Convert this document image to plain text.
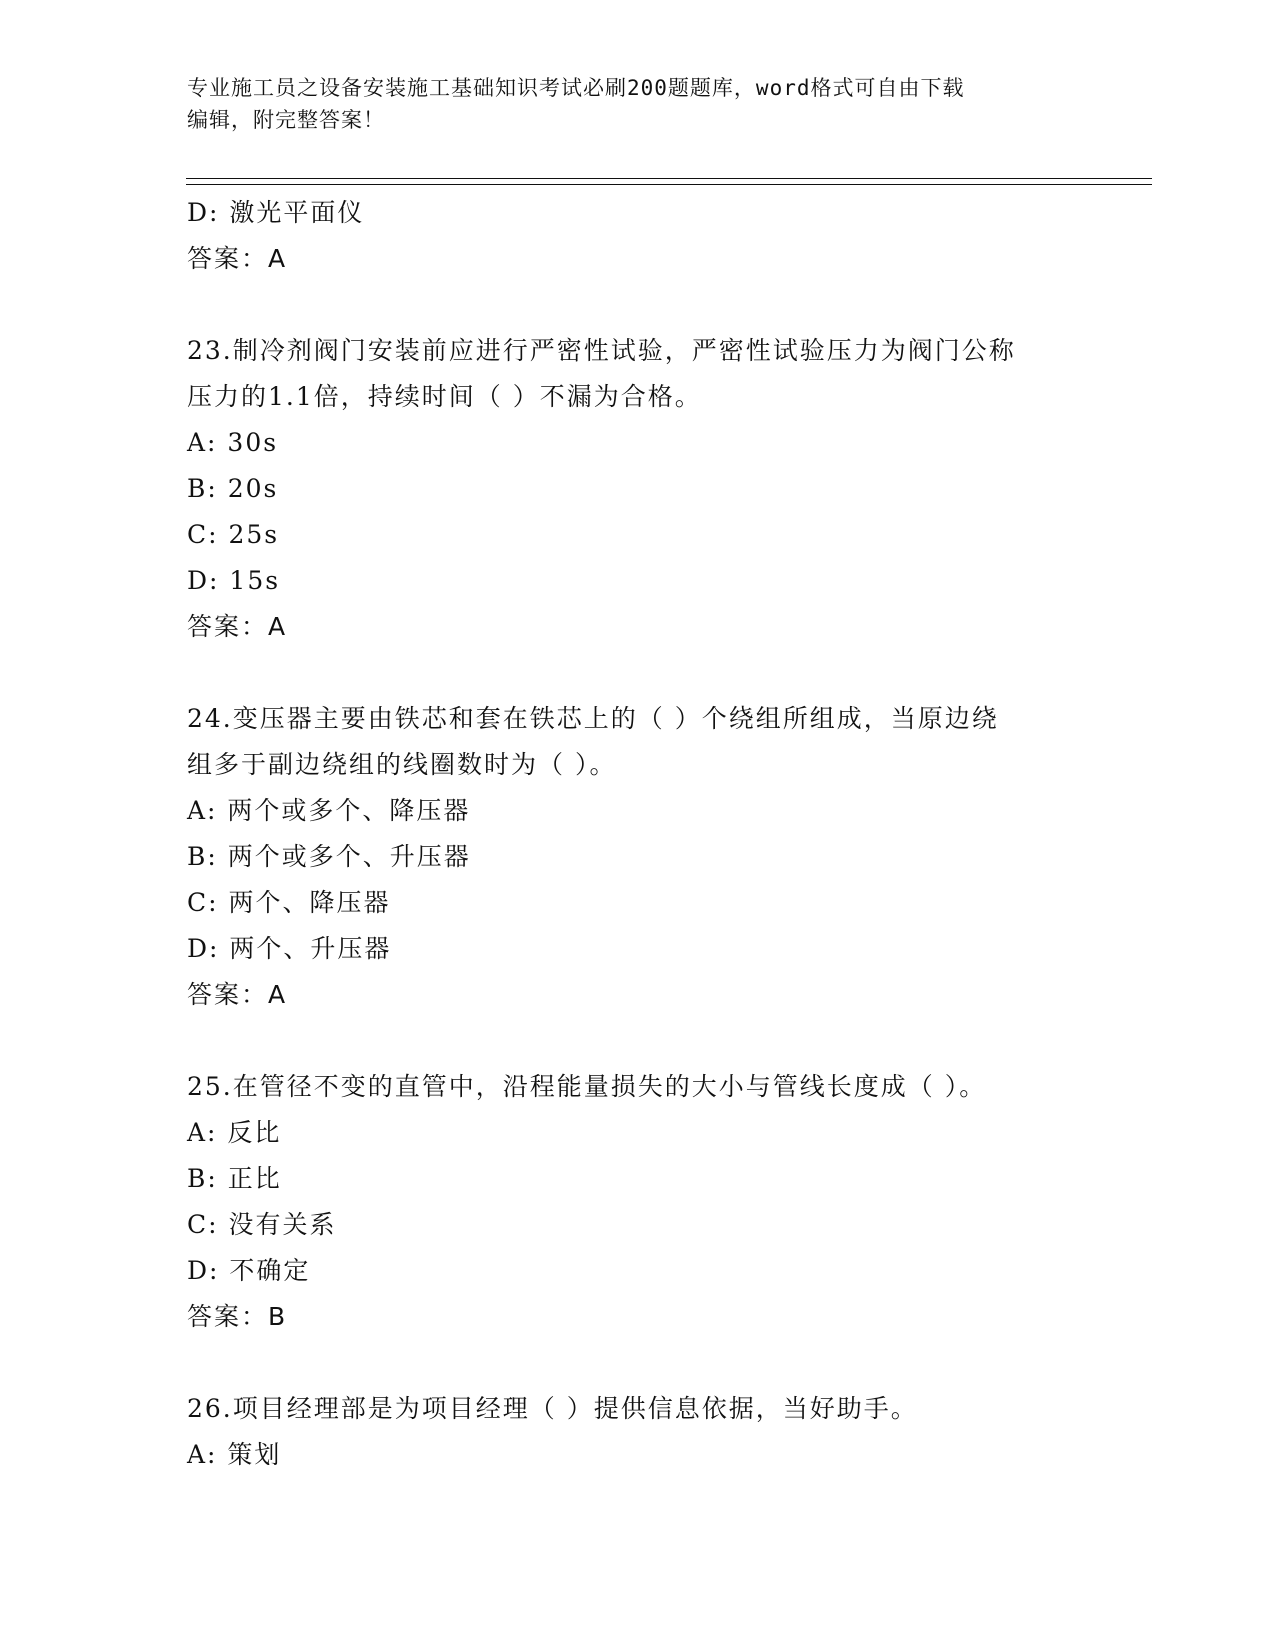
专业施工员之设备安装施工基础知识考试必刷200题题库，word格式可自由下载
编辑，附完整答案！
D: 激光平面仪
答案：A
23.制冷剂阀门安装前应进行严密性试验，严密性试验压力为阀门公称
压力的1.1倍，持续时间（ ）不漏为合格。
A: 30s
B: 20s
C: 25s
D: 15s
答案：A
24.变压器主要由铁芯和套在铁芯上的（ ）个绕组所组成，当原边绕
组多于副边绕组的线圈数时为（ ）。
A: 两个或多个、降压器
B: 两个或多个、升压器
C: 两个、降压器
D: 两个、升压器
答案：A
25.在管径不变的直管中，沿程能量损失的大小与管线长度成（ ）。
A: 反比
B: 正比
C: 没有关系
D: 不确定
答案：B
26.项目经理部是为项目经理（ ）提供信息依据，当好助手。
A: 策划
